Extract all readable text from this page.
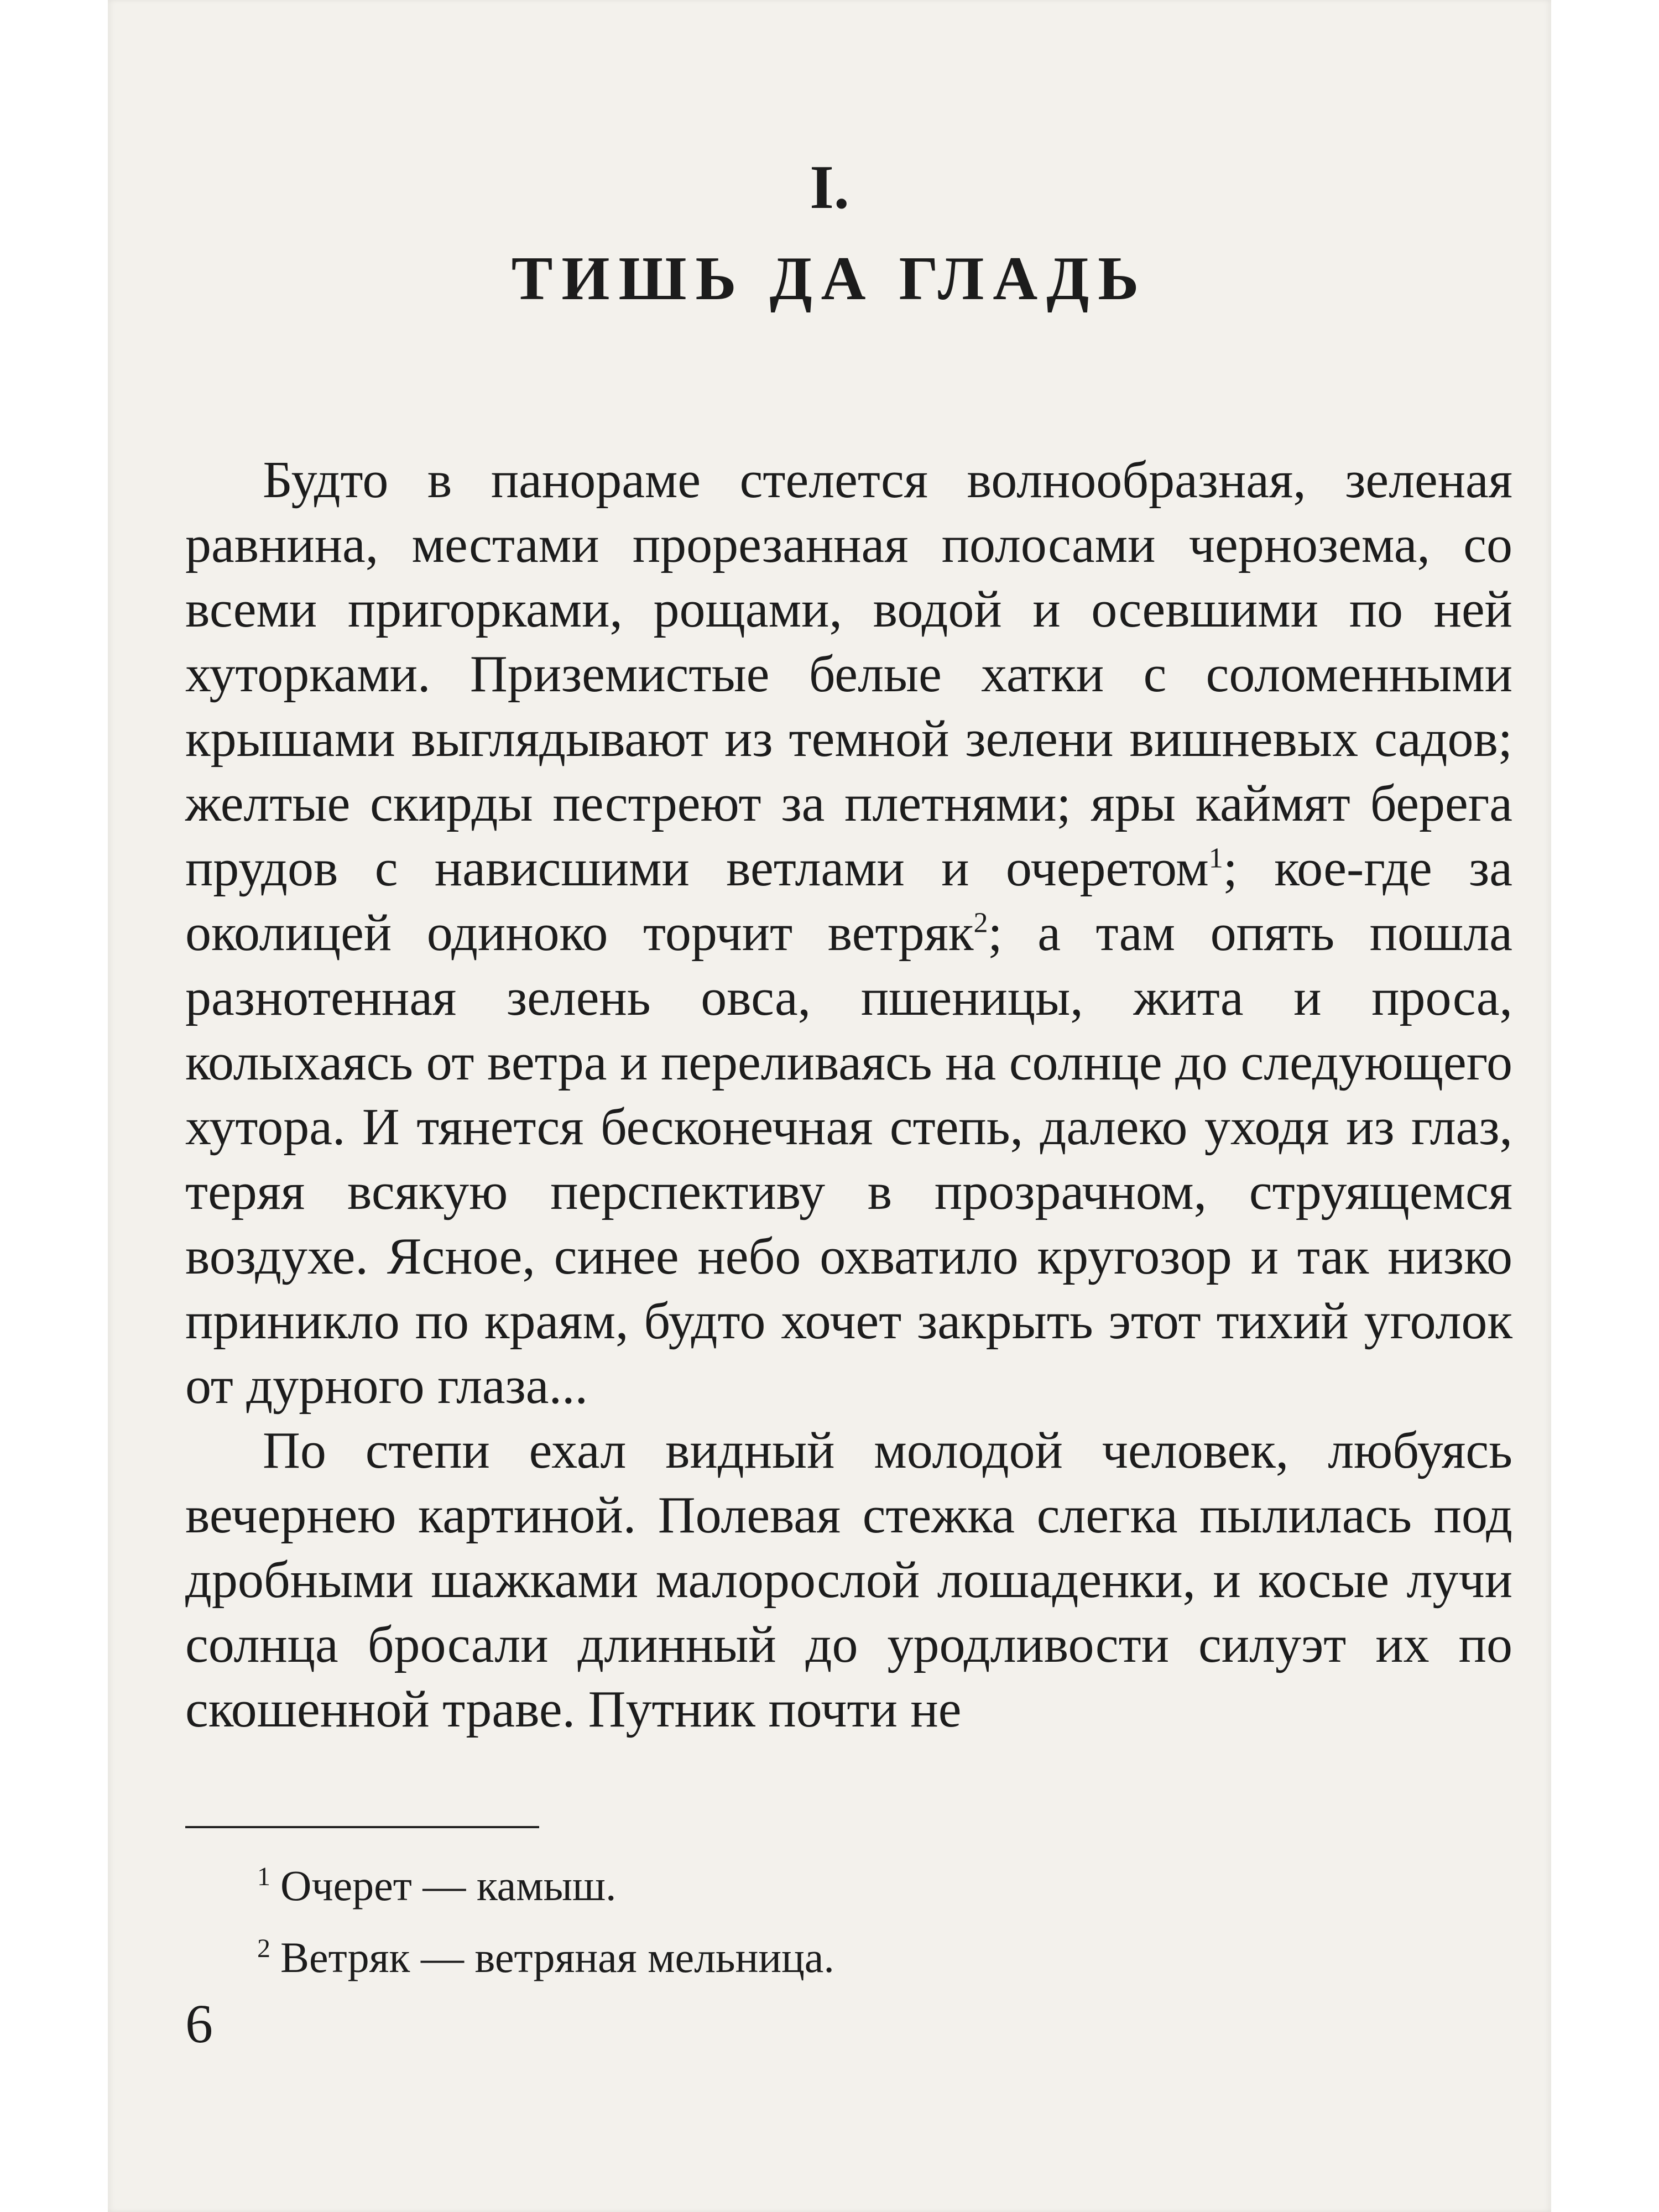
I.
ТИШЬ ДА ГЛАДЬ

Будто в панораме стелется волнообразная, зеленая равнина, местами прорезанная полосами чернозема, со всеми пригорками, рощами, водой и осевшими по ней хуторками. Приземистые белые хатки с соломенными крышами выглядывают из темной зелени вишневых садов; желтые скирды пестреют за плетнями; яры каймят берега прудов с нависшими ветлами и очеретом$^1$; кое-где за околицей одиноко торчит ветряк$^2$; а там опять пошла разнотенная зелень овса, пшеницы, жита и проса, колыхаясь от ветра и переливаясь на солнце до следующего хутора. И тянется бесконечная степь, далеко уходя из глаз, теряя всякую перспективу в прозрачном, струящемся воздухе. Ясное, синее небо охватило кругозор и так низко приникло по краям, будто хочет закрыть этот тихий уголок от дурного глаза...

По степи ехал видный молодой человек, любуясь вечернею картиной. Полевая стежка слегка пылилась под дробными шажками малорослой лошаденки, и косые лучи солнца бросали длинный до уродливости силуэт их по скошенной траве. Путник почти не

$^1$ Очерет — камыш.
$^2$ Ветряк — ветряная мельница.
6
